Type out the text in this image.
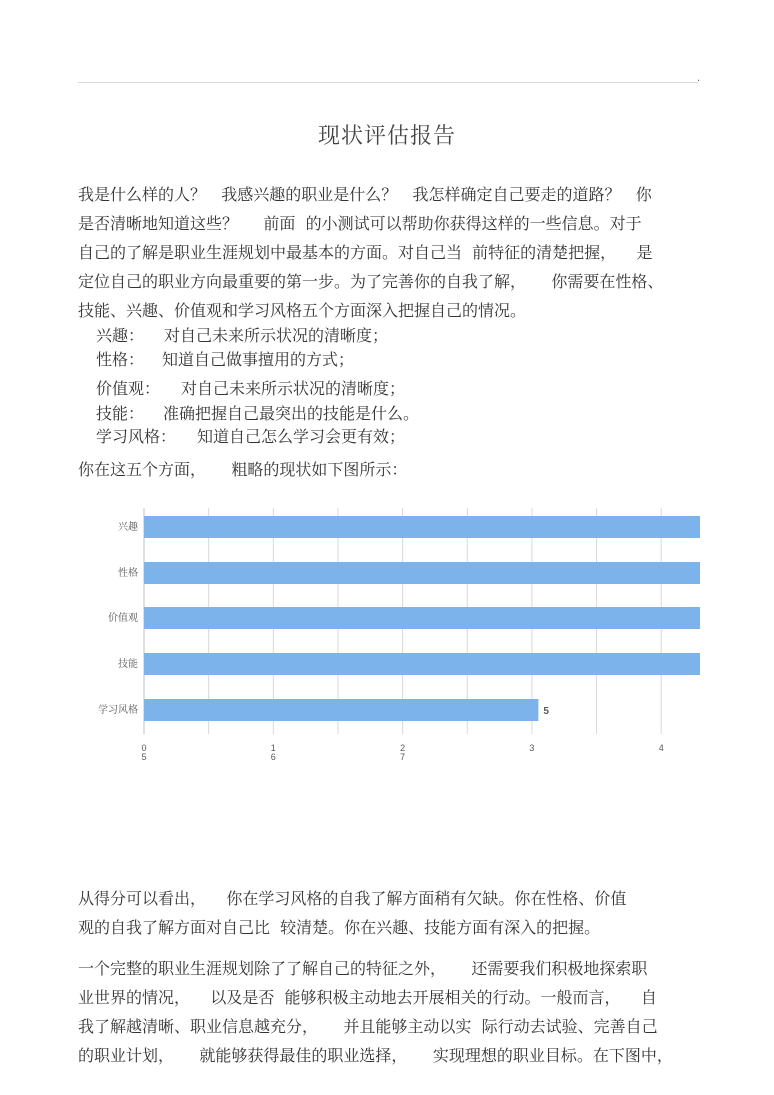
.
现状评估报告
我是什么样的人？   我感兴趣的职业是什么？   我怎样确定自己要走的道路？   你
是否清晰地知道这些？     前面  的小测试可以帮助你获得这样的一些信息。对于
自己的了解是职业生涯规划中最基本的方面。对自己当  前特征的清楚把握，    是
定位自己的职业方向最重要的第一步。为了完善你的自我了解，     你需要在性格、
技能、兴趣、价值观和学习风格五个方面深入把握自己的情况。
兴趣： 对自己未来所示状况的清晰度；
性格： 知道自己做事擅用的方式；
价值观： 对自己未来所示状况的清晰度；
技能： 准确把握自己最突出的技能是什么。
学习风格： 知道自己怎么学习会更有效；
你在这五个方面，     粗略的现状如下图所示：
兴趣
性格
价值观
技能
学习风格	5
0
5
1
6
2
7
3	4
从得分可以看出，    你在学习风格的自我了解方面稍有欠缺。你在性格、价值
观的自我了解方面对自己比  较清楚。你在兴趣、技能方面有深入的把握。
一个完整的职业生涯规划除了了解自己的特征之外，     还需要我们积极地探索职
业世界的情况，    以及是否  能够积极主动地去开展相关的行动。一般而言，    自
我了解越清晰、职业信息越充分，     并且能够主动以实  际行动去试验、完善自己
的职业计划，     就能够获得最佳的职业选择，     实现理想的职业目标。在下图中，
